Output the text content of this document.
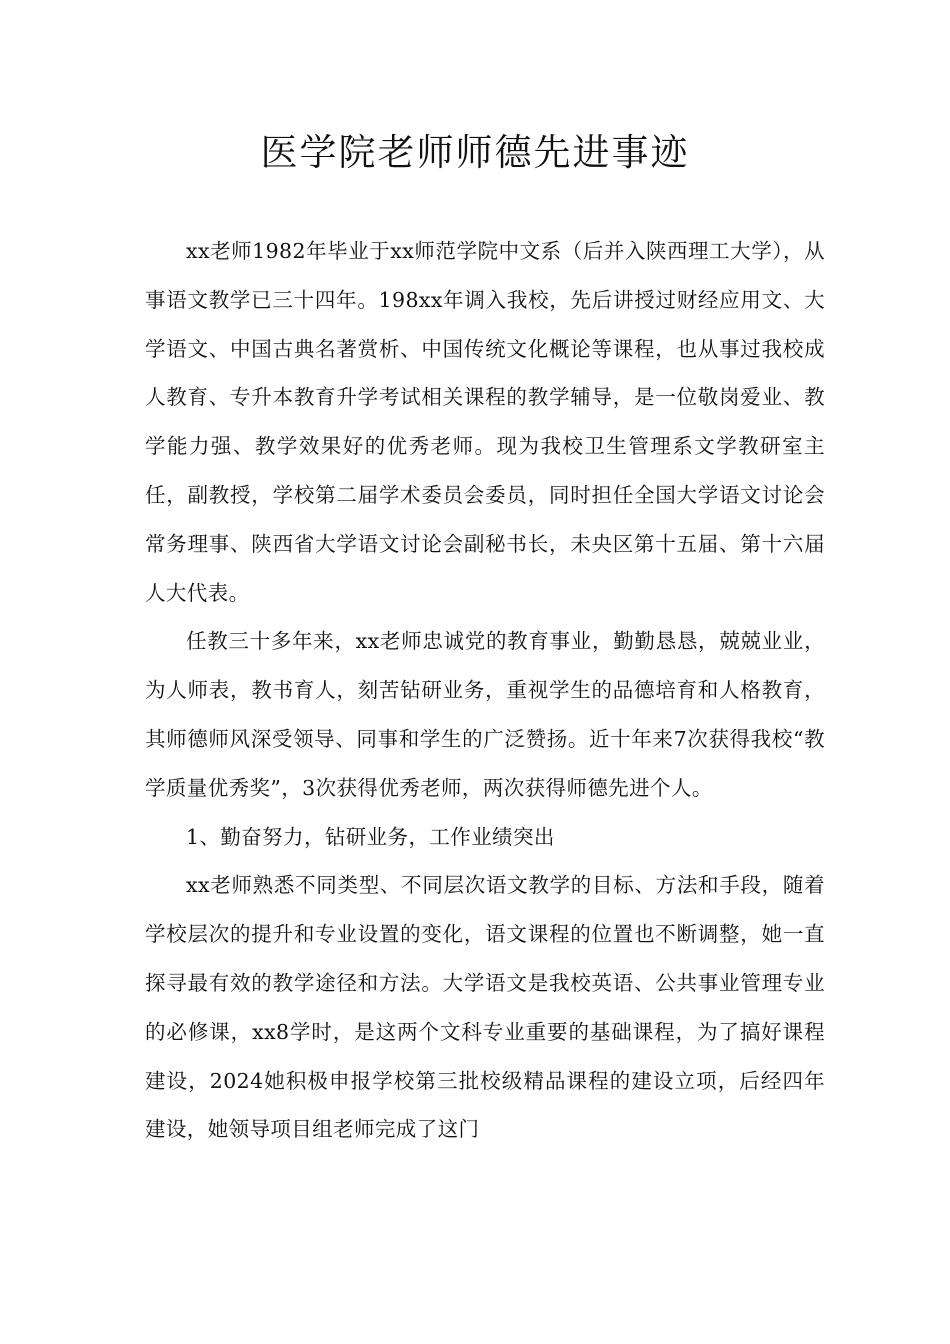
医学院老师师德先进事迹

xx老师1982年毕业于xx师范学院中文系（后并入陕西理工大学），从事语文教学已三十四年。198xx年调入我校，先后讲授过财经应用文、大学语文、中国古典名著赏析、中国传统文化概论等课程，也从事过我校成人教育、专升本教育升学考试相关课程的教学辅导，是一位敬岗爱业、教学能力强、教学效果好的优秀老师。现为我校卫生管理系文学教研室主任，副教授，学校第二届学术委员会委员，同时担任全国大学语文讨论会常务理事、陕西省大学语文讨论会副秘书长，未央区第十五届、第十六届人大代表。

任教三十多年来，xx老师忠诚党的教育事业，勤勤恳恳，兢兢业业，为人师表，教书育人，刻苦钻研业务，重视学生的品德培育和人格教育，其师德师风深受领导、同事和学生的广泛赞扬。近十年来7次获得我校“教学质量优秀奖”，3次获得优秀老师，两次获得师德先进个人。

1、勤奋努力，钻研业务，工作业绩突出

xx老师熟悉不同类型、不同层次语文教学的目标、方法和手段，随着学校层次的提升和专业设置的变化，语文课程的位置也不断调整，她一直探寻最有效的教学途径和方法。大学语文是我校英语、公共事业管理专业的必修课，xx8学时，是这两个文科专业重要的基础课程，为了搞好课程建设，2024她积极申报学校第三批校级精品课程的建设立项，后经四年建设，她领导项目组老师完成了这门
